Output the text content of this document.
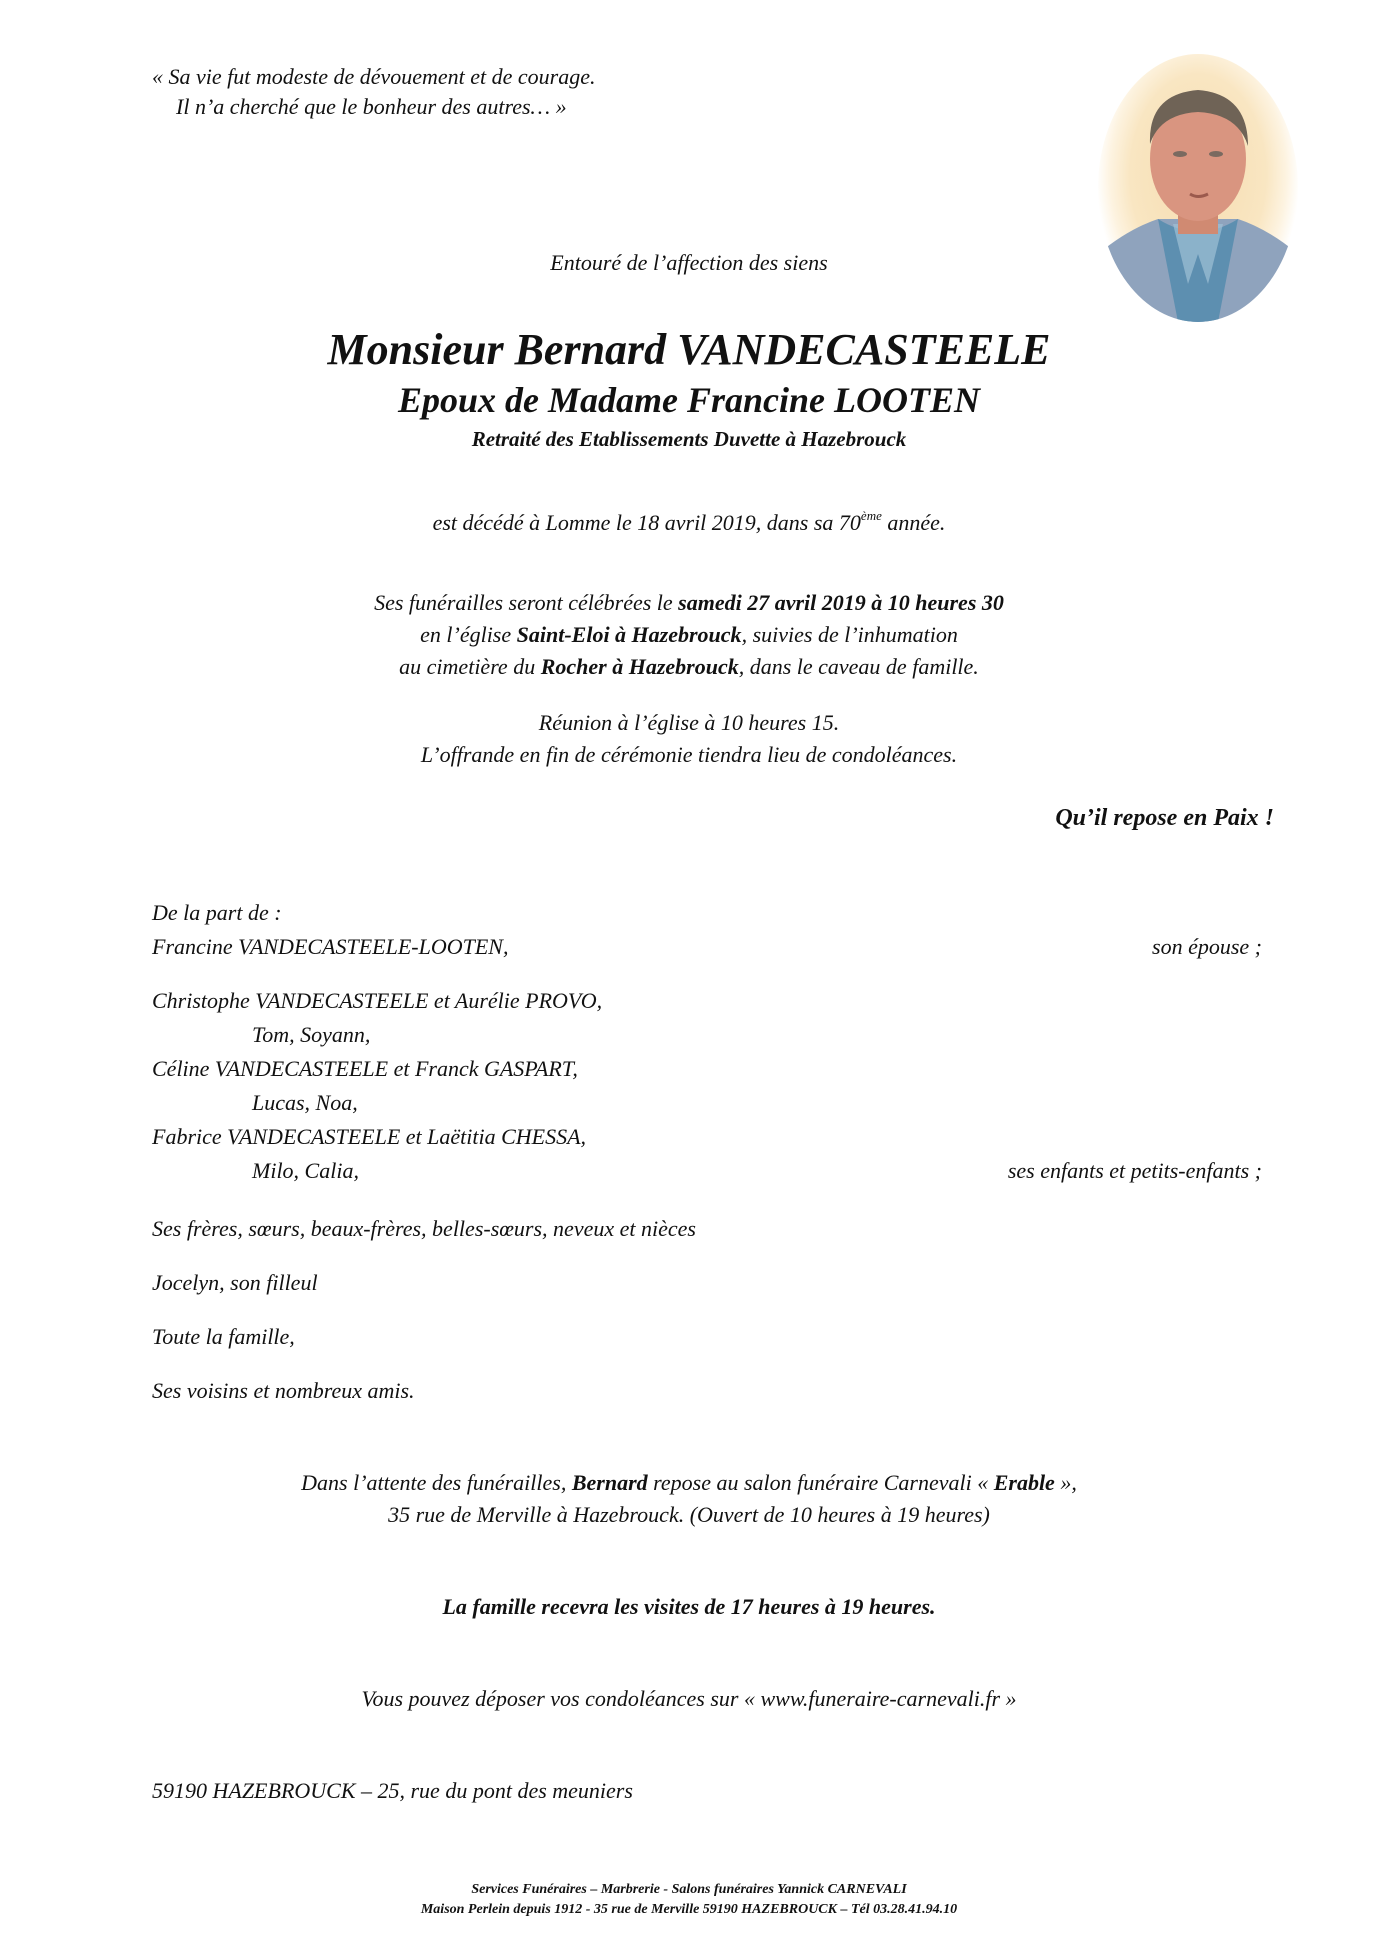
« Sa vie fut modeste de dévouement et de courage.
Il n’a cherché que le bonheur des autres… »
Entouré de l’affection des siens
Monsieur Bernard VANDECASTEELE
Epoux de Madame Francine LOOTEN
Retraité des Etablissements Duvette à Hazebrouck
est décédé à Lomme le 18 avril 2019, dans sa 70ème année.
Ses funérailles seront célébrées le samedi 27 avril 2019 à 10 heures 30
en l’église Saint-Eloi à Hazebrouck, suivies de l’inhumation
au cimetière du Rocher à Hazebrouck, dans le caveau de famille.
Réunion à l’église à 10 heures 15.
L’offrande en fin de cérémonie tiendra lieu de condoléances.
Qu’il repose en Paix !
De la part de :
Francine VANDECASTEELE-LOOTEN,	son épouse ;
Christophe VANDECASTEELE et Aurélie PROVO,
Tom, Soyann,
Céline VANDECASTEELE et Franck GASPART,
Lucas, Noa,
Fabrice VANDECASTEELE et Laëtitia CHESSA,
Milo, Calia,	ses enfants et petits-enfants ;
Ses frères, sœurs, beaux-frères, belles-sœurs, neveux et nièces
Jocelyn, son filleul
Toute la famille,
Ses voisins et nombreux amis.
Dans l’attente des funérailles, Bernard repose au salon funéraire Carnevali « Erable »,
35 rue de Merville à Hazebrouck. (Ouvert de 10 heures à 19 heures)
La famille recevra les visites de 17 heures à 19 heures.
Vous pouvez déposer vos condoléances sur « www.funeraire-carnevali.fr »
59190 HAZEBROUCK – 25, rue du pont des meuniers
Services Funéraires – Marbrerie - Salons funéraires Yannick CARNEVALI
Maison Perlein depuis 1912 - 35 rue de Merville 59190 HAZEBROUCK – Tél 03.28.41.94.10
